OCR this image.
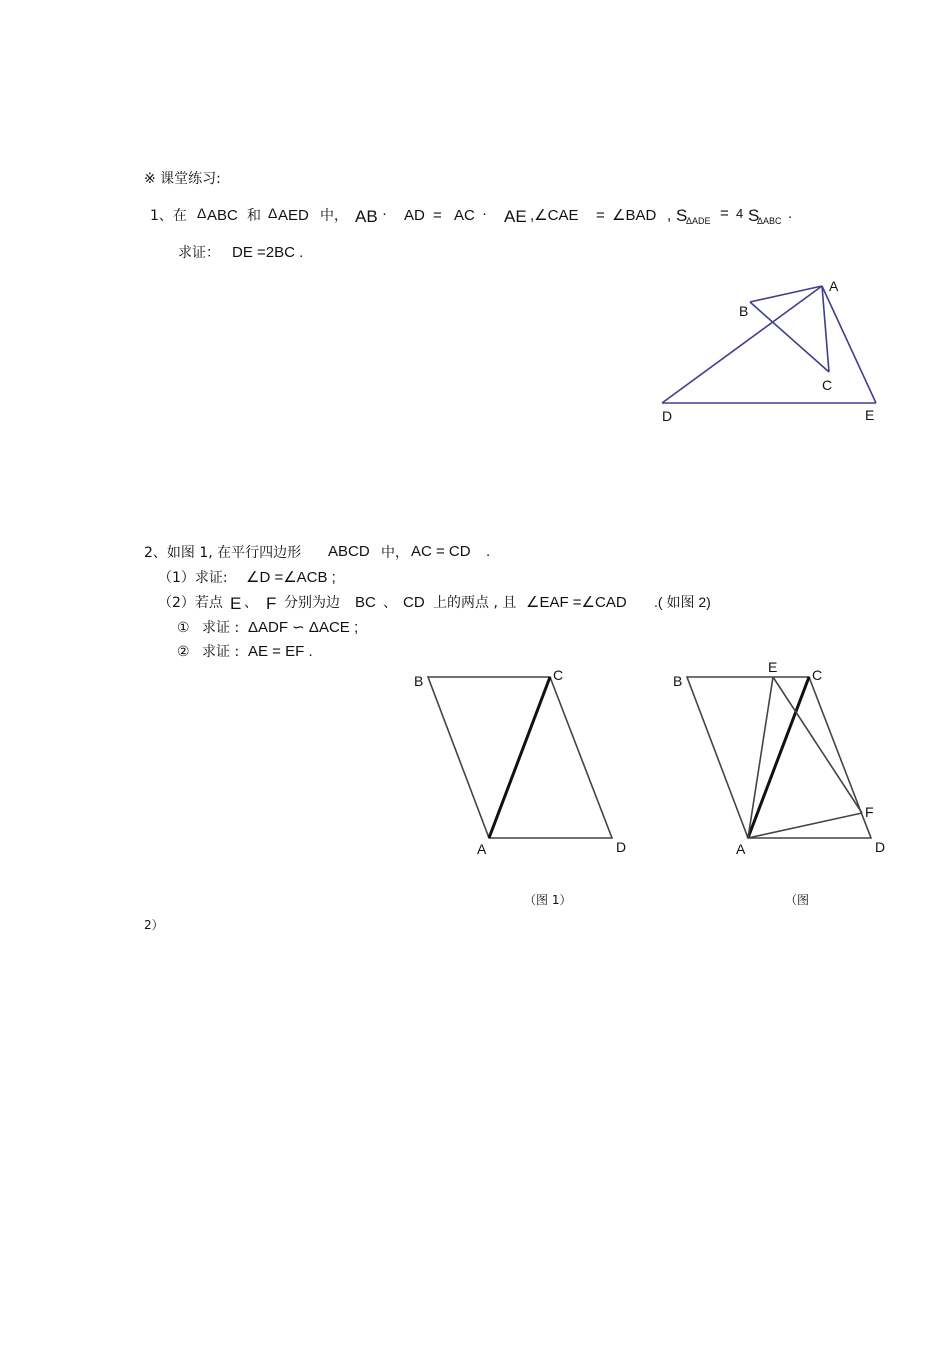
※ 课堂练习:
1、在 Δ ABC 和 Δ AED 中， AB · AD = AC · AE ,∠CAE = ∠BAD , S
ΔADE = 4 S
ΔABC .
求证： DE =2BC .
A
B
C
D	E
2、如图 1, 在平行四边形 ABCD 中， AC = CD .
（1）求证: ∠D =∠ACB ;
（2）若点 E 、 F 分别为边 BC 、 CD 上的两点 , 且 ∠EAF =∠CAD .( 如图 2)
① 求证 : ΔADF ∽ ΔACE ;
② 求证 : AE = EF .
B	C
A	D
B
E C
F
A	D
（图 1）	（图
2）
